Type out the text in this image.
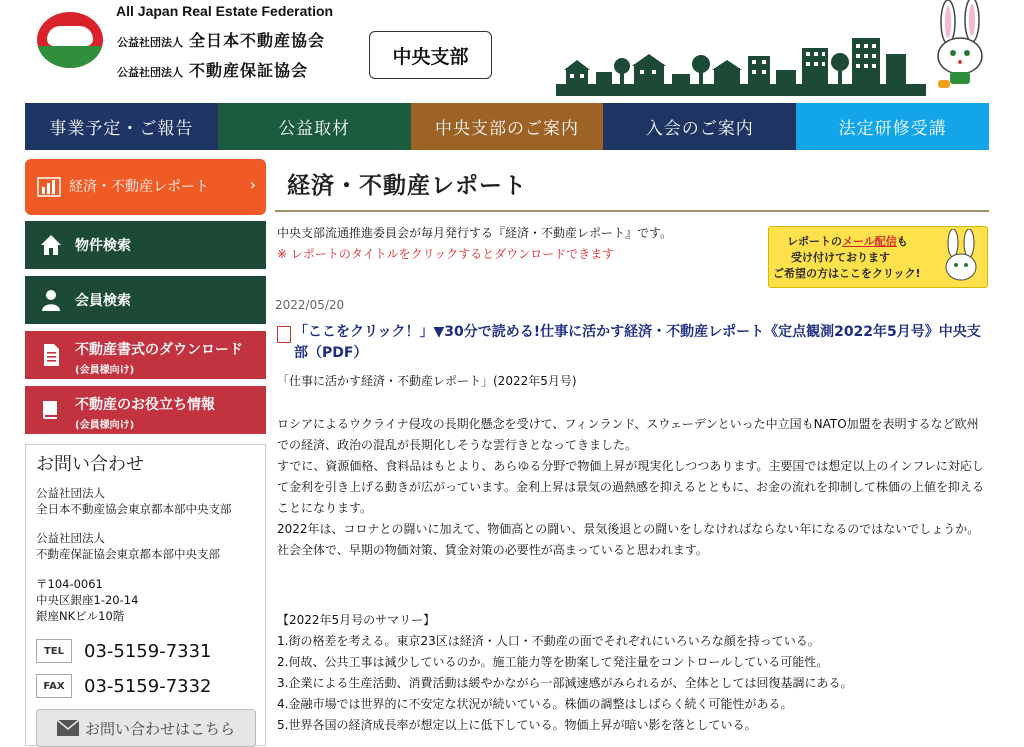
All Japan Real Estate Federation
公益社団法人 全日本不動産協会
公益社団法人 不動産保証協会
中央支部
事業予定・ご報告	公益取材	中央支部のご案内	入会のご案内	法定研修受講
経済・不動産レポート	›
物件検索
会員検索
不動産書式のダウンロード
(会員様向け)
不動産のお役立ち情報
(会員様向け)
お問い合わせ
公益社団法人
全日本不動産協会東京都本部中央支部
公益社団法人
不動産保証協会東京都本部中央支部
〒104-0061
中央区銀座1-20-14
銀座NKビル10階
TEL	03-5159-7331
FAX	03-5159-7332
お問い合わせはこちら
経済・不動産レポート
中央支部流通推進委員会が毎月発行する『経済・不動産レポート』です。
※ レポートのタイトルをクリックするとダウンロードできます
レポートのメール配信も
受け付けております
ご希望の方はここをクリック!
2022/05/20
「ここをクリック！」▼30分で読める!仕事に活かす経済・不動産レポート《定点観測2022年5月号》中央支部（PDF）
「仕事に活かす経済・不動産レポート」(2022年5月号)
ロシアによるウクライナ侵攻の長期化懸念を受けて、フィンランド、スウェーデンといった中立国もNATO加盟を表明するなど欧州での経済、政治の混乱が長期化しそうな雲行きとなってきました。
すでに、資源価格、食料品はもとより、あらゆる分野で物価上昇が現実化しつつあります。主要国では想定以上のインフレに対応して金利を引き上げる動きが広がっています。金利上昇は景気の過熱感を抑えるとともに、お金の流れを抑制して株価の上値を抑えることになります。
2022年は、コロナとの闘いに加えて、物価高との闘い、景気後退との闘いをしなければならない年になるのではないでしょうか。社会全体で、早期の物価対策、賃金対策の必要性が高まっていると思われます。
【2022年5月号のサマリー】
1.街の格差を考える。東京23区は経済・人口・不動産の面でそれぞれにいろいろな顔を持っている。
2.何故、公共工事は減少しているのか。施工能力等を勘案して発注量をコントロールしている可能性。
3.企業による生産活動、消費活動は緩やかながら一部減速感がみられるが、全体としては回復基調にある。
4.金融市場では世界的に不安定な状況が続いている。株価の調整はしばらく続く可能性がある。
5.世界各国の経済成長率が想定以上に低下している。物価上昇が暗い影を落としている。
